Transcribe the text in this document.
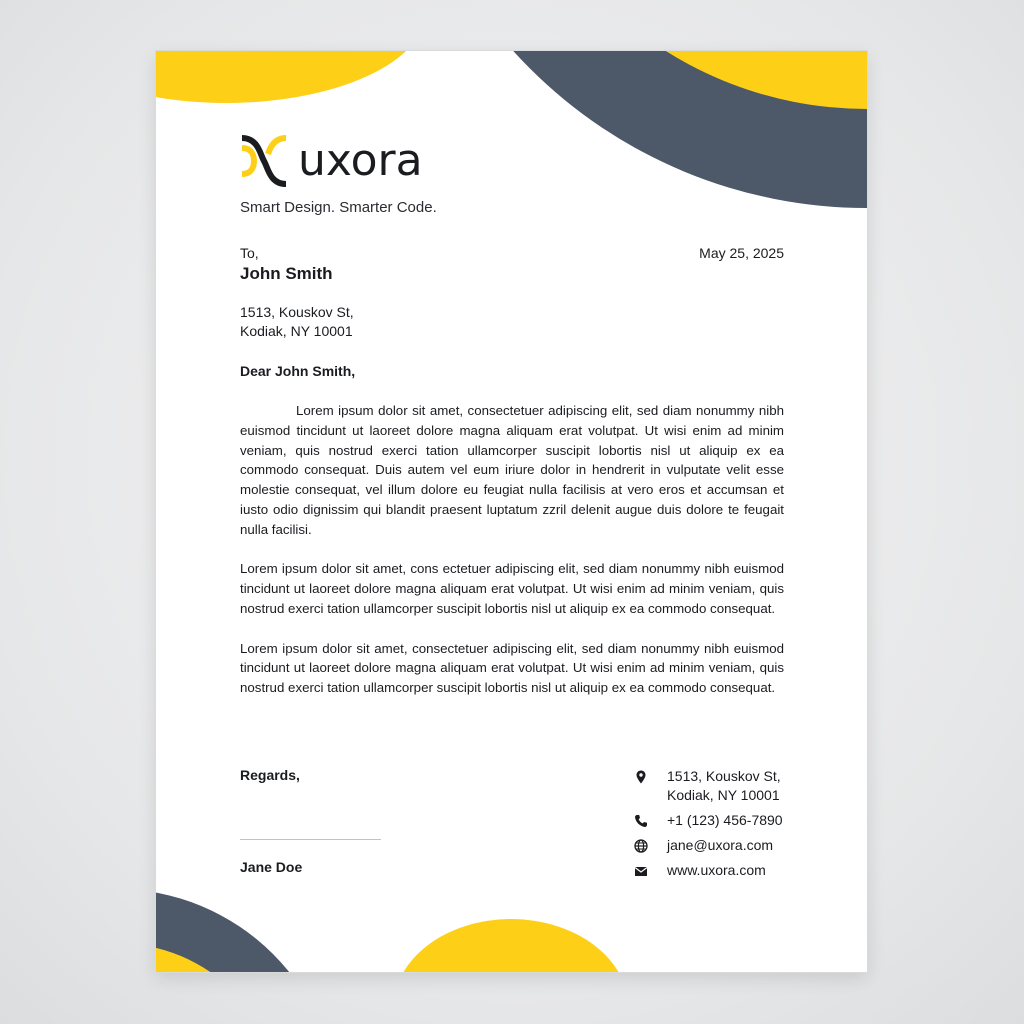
uxora
Smart Design. Smarter Code.
To,
John Smith
May 25, 2025
1513, Kouskov St,
Kodiak, NY 10001
Dear John Smith,

Lorem ipsum dolor sit amet, consectetuer adipiscing elit, sed diam nonummy nibh euismod tincidunt ut laoreet dolore magna aliquam erat volutpat. Ut wisi enim ad minim veniam, quis nostrud exerci tation ullamcorper suscipit lobortis nisl ut aliquip ex ea commodo consequat. Duis autem vel eum iriure dolor in hendrerit in vulputate velit esse molestie consequat, vel illum dolore eu feugiat nulla facilisis at vero eros et accumsan et iusto odio dignissim qui blandit praesent luptatum zzril delenit augue duis dolore te feugait nulla facilisi.

Lorem ipsum dolor sit amet, cons ectetuer adipiscing elit, sed diam nonummy nibh euismod tincidunt ut laoreet dolore magna aliquam erat volutpat. Ut wisi enim ad minim veniam, quis nostrud exerci tation ullamcorper suscipit lobortis nisl ut aliquip ex ea commodo consequat.

Lorem ipsum dolor sit amet, consectetuer adipiscing elit, sed diam nonummy nibh euismod tincidunt ut laoreet dolore magna aliquam erat volutpat. Ut wisi enim ad minim veniam, quis nostrud exerci tation ullamcorper suscipit lobortis nisl ut aliquip ex ea commodo consequat.

Regards,
Jane Doe
1513, Kouskov St,
Kodiak, NY 10001
+1 (123) 456-7890
jane@uxora.com
www.uxora.com
